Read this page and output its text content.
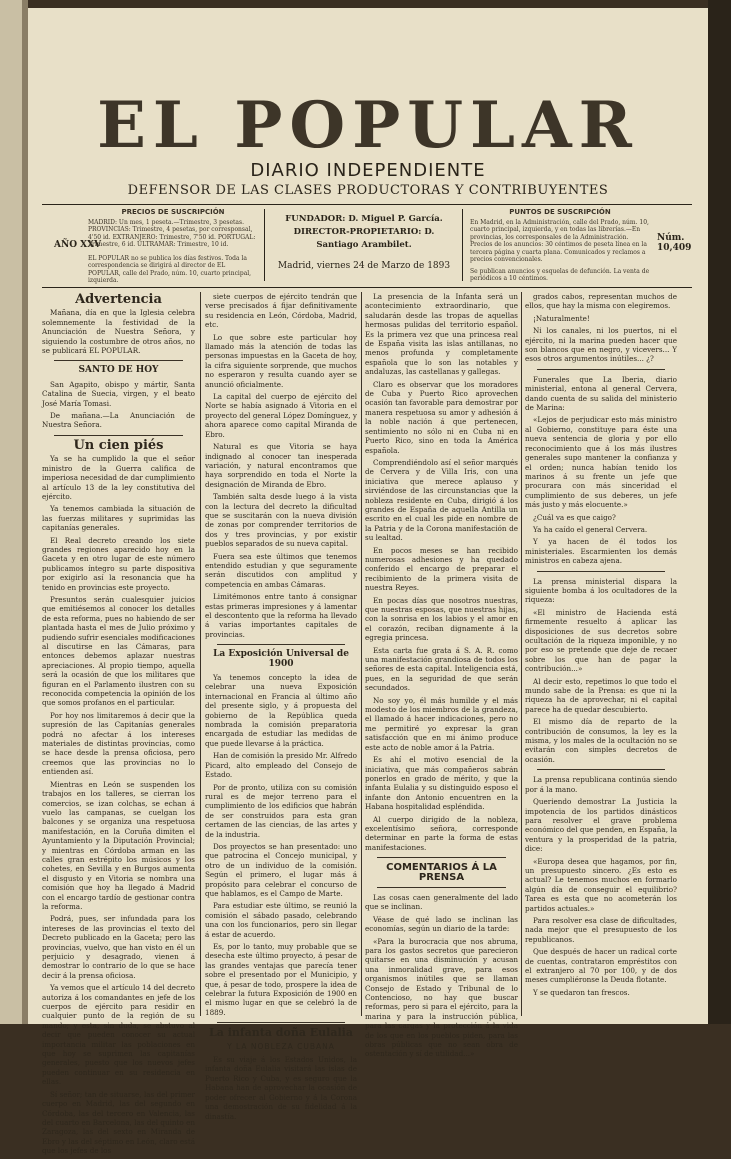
EL POPULAR
DIARIO INDEPENDIENTE
DEFENSOR DE LAS CLASES PRODUCTORAS Y CONTRIBUYENTES
AÑO XXV
PRECIOS DE SUSCRIPCIÓN
MADRID: Un mes, 1 peseta.—Trimestre, 3 pesetas. PROVINCIAS: Trimestre, 4 pesetas, por corresponsal, 4'50 id. EXTRANJERO: Trimestre, 7'50 id. PORTUGAL: Trimestre, 6 id. ULTRAMAR: Trimestre, 10 id.
EL POPULAR no se publica los días festivos. Toda la correspondencia se dirigirá al director de EL POPULAR, calle del Prado, núm. 10, cuarto principal, izquierda.
FUNDADOR: D. Miguel P. García.
DIRECTOR-PROPIETARIO: D. Santiago Arambilet.
Madrid, viernes 24 de Marzo de 1893
PUNTOS DE SUSCRIPCIÓN
En Madrid, en la Administración, calle del Prado, núm. 10, cuarto principal, izquierda, y en todas las librerías.—En provincias, los corresponsales de la Administración. Precios de los anuncios: 30 céntimos de peseta línea en la tercera página y cuarta plana. Comunicados y reclamos a precios convencionales.
Se publican anuncios y esquelas de defunción. La venta de periódicos a 10 céntimos.
Núm. 10,409
Advertencia

Mañana, día en que la Iglesia celebra solemnemente la festividad de la Anunciación de Nuestra Señora, y siguiendo la costumbre de otros años, no se publicará EL POPULAR.

SANTO DE HOY

San Agapito, obispo y mártir, Santa Catalina de Suecia, virgen, y el beato José María Tomasi.

De mañana.—La Anunciación de Nuestra Señora.

Un cien piés

Ya se ha cumplido la que el señor ministro de la Guerra califica de imperiosa necesidad de dar cumplimiento al artículo 13 de la ley constitutiva del ejército.

Ya tenemos cambiada la situación de las fuerzas militares y suprimidas las capitanías generales.

El Real decreto creando los siete grandes regiones aparecido hoy en la Gaceta y en otro lugar de este número publicamos íntegro su parte dispositiva por exigirlo así la resonancia que ha tenido en provincias este proyecto.

Presuntos serán cualesquier juicios que emitiésemos al conocer los detalles de esta reforma, pues no habiendo de ser plantada hasta el mes de Julio próximo y pudiendo sufrir esenciales modificaciones al discutirse en las Cámaras, para entonces debemos aplazar nuestras apreciaciones. Al propio tiempo, aquella será la ocasión de que los militares que figuran en el Parlamento ilustren con su reconocida competencia la opinión de los que somos profanos en el particular.

Por hoy nos limitaremos á decir que la supresión de las Capitanías generales podrá no afectar á los intereses materiales de distintas provincias, como se hace desde la prensa oficiosa, pero creemos que las provincias no lo entienden así.

Mientras en León se suspenden los trabajos en los talleres, se cierran los comercios, se izan colchas, se echan á vuelo las campanas, se cuelgan los balcones y se organiza una respetuosa manifestación, en la Coruña dimiten el Ayuntamiento y la Diputación Provincial; y mientras en Córdoba arman en las calles gran estrépito los músicos y los cohetes, en Sevilla y en Burgos aumenta el disgusto y en Vitoria se nombra una comisión que hoy ha llegado á Madrid con el encargo tardío de gestionar contra la reforma.

Podrá, pues, ser infundada para los intereses de las provincias el texto del Decreto publicado en la Gaceta; pero las provincias, vuelvo, que han visto en él un perjuicio y desagrado, vienen á demostrar lo contrario de lo que se hace decir á la prensa oficiosa.

Ya vemos que el artículo 14 del decreto autoriza á los comandantes en jefe de los cuerpos de ejército para residir en cualquier punto de la región de su mando; y esta, sin duda, se abstuvo al decir que pueden conocer su actual importancia militar las poblaciones en que hoy se suprimen las capitanías generales, puesto que los nuevos jefes pueden continuar en su residencia en ellas.

Sí señor; tan de situarse, las del primer cuerpo en Madrid, las del segundo en Córdoba, las del tercero en Valencia, las del cuarto en Barcelona, las del quinto en Zaragoza, las del sexto en Miranda de Ebro y las del séptimo en León, claro está que los jefes de los

siete cuerpos de ejército tendrán que verse precisados á fijar definitivamente su residencia en León, Córdoba, Madrid, etc.

Lo que sobre este particular hoy llamado más la atención de todas las personas impuestas en la Gaceta de hoy, la cifra siguiente sorprende, que muchos no esperaron y resulta cuando ayer se anunció oficialmente.

La capital del cuerpo de ejército del Norte se había asignado á Vitoria en el proyecto del general López Domínguez, y ahora aparece como capital Miranda de Ebro.

Natural es que Vitoria se haya indignado al conocer tan inesperada variación, y natural encontramos que haya sorprendido en toda el Norte la designación de Miranda de Ebro.

También salta desde luego á la vista con la lectura del decreto la dificultad que se suscitarán con la nueva división de zonas por comprender territorios de dos y tres provincias, y por existir pueblos separados de su nueva capital.

Fuera sea este últimos que tenemos entendido estudian y que seguramente serán discutidos con amplitud y competencia en ambas Cámaras.

Limitémonos entre tanto á consignar estas primeras impresiones y á lamentar el descontento que la reforma ha llevado á varias importantes capitales de provincias.

La Exposición Universal de 1900

Ya tenemos concepto la idea de celebrar una nueva Exposición internacional en Francia al último año del presente siglo, y á propuesta del gobierno de la República queda nombrada la comisión preparatoria encargada de estudiar las medidas de que puede llevarse á la práctica.

Han de comisión la presido Mr. Alfredo Picard, alto empleado del Consejo de Estado.

Por de pronto, utiliza con su comisión rural es de mejor terreno para el cumplimiento de los edificios que habrán de ser construidos para esta gran certamen de las ciencias, de las artes y de la industria.

Dos proyectos se han presentado: uno que patrocina el Concejo municipal, y otro de un individuo de la comisión. Según el primero, el lugar más á propósito para celebrar el concurso de que hablamos, es el Campo de Marte.

Para estudiar este último, se reunió la comisión el sábado pasado, celebrando una con los funcionarios, pero sin llegar á estar de acuerdo.

Es, por lo tanto, muy probable que se desecha este último proyecto, á pesar de las grandes ventajas que parecía tener sobre el presentado por el Municipio, y que, á pesar de todo, prospere la idea de celebrar la futura Exposición de 1900 en el mismo lugar en que se celebró la de 1889.

La infanta doña Eulalia
Y LA NOBLEZA CUBANA

Es su viaje á los Estados Unidos, la infanta doña Eulalia visitará las islas de Puerto Rico y Cuba, y es seguro que la Habana han de aprovechar la ocasión de poder ofrecer al Gobierno y á la Corona una demostración de su fidelidad á la dinastía.

La presencia de la Infanta será un acontecimiento extraordinario, que saludarán desde las tropas de aquellas hermosas pulidas del territorio español. Es la primera vez que una princesa real de España visita las islas antillanas, no menos profunda y completamente española que lo son las notables y andaluzas, las castellanas y gallegas.

Claro es observar que los moradores de Cuba y Puerto Rico aprovechen ocasión tan favorable para demostrar por manera respetuosa su amor y adhesión á la noble nación á que pertenecen, sentimiento no sólo ni en Cuba ni en Puerto Rico, sino en toda la América española.

Comprendiéndolo así el señor marqués de Cervera y de Villa Iris, con una iniciativa que merece aplauso y sirviéndose de las circunstancias que la nobleza residente en Cuba, dirigió á los grandes de España de aquella Antilla un escrito en el cual les pide en nombre de la Patria y de la Corona manifestación de su lealtad.

En pocos meses se han recibido numerosas adhesiones y ha quedado conferido el encargo de preparar el recibimiento de la primera visita de nuestra Reyes.

En pocas días que nosotros nuestras, que nuestras esposas, que nuestras hijas, con la sonrisa en los labios y el amor en el corazón, reciban dignamente á la egregia princesa.

Esta carta fue grata á S. A. R. como una manifestación grandiosa de todos los señores de esta capital. Inteligencia está, pues, en la seguridad de que serán secundados.

No soy yo, él más humilde y el más modesto de los miembros de la grandeza, el llamado á hacer indicaciones, pero no me permitiré yo expresar la gran satisfacción que en mi ánimo produce este acto de noble amor á la Patria.

Es ahí el motivo esencial de la iniciativa, que más compañeros sabrán ponerlos en grado de mérito, y que la infanta Eulalia y su distinguido esposo el infante don Antonio encuentren en la Habana hospitalidad espléndida.

Al cuerpo dirigido de la nobleza, excelentísimo señora, corresponde determinar en parte la forma de estas manifestaciones.

COMENTARIOS Á LA PRENSA

Las cosas caen generalmente del lado que se inclinan.

Véase de qué lado se inclinan las economías, según un diario de la tarde:

«Para la burocracia que nos abruma, para los gastos secretos que parecieron quitarse en una disminución y acusan una inmoralidad grave, para esos organismos inútiles que se llaman Consejo de Estado y Tribunal de lo Contencioso, no hay que buscar reformas, pero si para el ejército, para la marina y para la instrucción pública, para las cargas y la protección á la vida de los que en los pueblos piden, para las obras públicas que no sean obra de ostentación y sí de utilidad...»

grados cabos, representan muchos de ellos, que hay la misma con elegiremos.

¡Naturalmente!

Ni los canales, ni los puertos, ni el ejército, ni la marina pueden hacer que son blancos que en negro, y vicevers... Y esos otros argumentos inútiles... ¿?

Funerales que La Iberia, diario ministerial, entona al general Cervera, dando cuenta de su salida del ministerio de Marina:

«Lejos de perjudicar esto más ministro al Gobierno, constituye para éste una nueva sentencia de gloria y por ello reconocimiento que á los más ilustres generales supo mantener la confianza y el orden; nunca habían tenido los marinos á su frente un jefe que procurara con más sinceridad el cumplimiento de sus deberes, un jefe más justo y más elocuente.»

¿Cuál va es que caigo?

Ya ha caído el general Cervera.

Y ya hacen de él todos los ministeriales. Escarmienten los demás ministros en cabeza ajena.

La prensa ministerial dispara la siguiente bomba á los ocultadores de la riqueza:

«El ministro de Hacienda está firmemente resuelto á aplicar las disposiciones de sus decretos sobre ocultación de la riqueza imponible, y no por eso se pretende que deje de recaer sobre los que han de pagar la contribución...»

Al decir esto, repetimos lo que todo el mundo sabe de la Prensa: es que ni la riqueza ha de aprovechar, ni el capital parece ha de quedar descubierto.

El mismo día de reparto de la contribución de consumos, la ley es la misma, y los males de la ocultación no se evitarán con simples decretos de ocasión.

La prensa republicana continúa siendo por á la mano.

Queriendo demostrar La Justicia la impotencia de los partidos dinásticos para resolver el grave problema económico del que penden, en España, la ventura y la prosperidad de la patria, dice:

«Europa desea que hagamos, por fin, un presupuesto sincero. ¿Es esto es actual? Le tenemos muchos en formarlo algún día de conseguir el equilibrio? Tarea es esta que no acometerán los partidos actuales.»

Para resolver esa clase de dificultades, nada mejor que el presupuesto de los republicanos.

Que después de hacer un radical corte de cuentas, contrataron empréstitos con el extranjero al 70 por 100, y de dos meses cumpliéronse la Deuda flotante.

Y se quedaron tan frescos.
